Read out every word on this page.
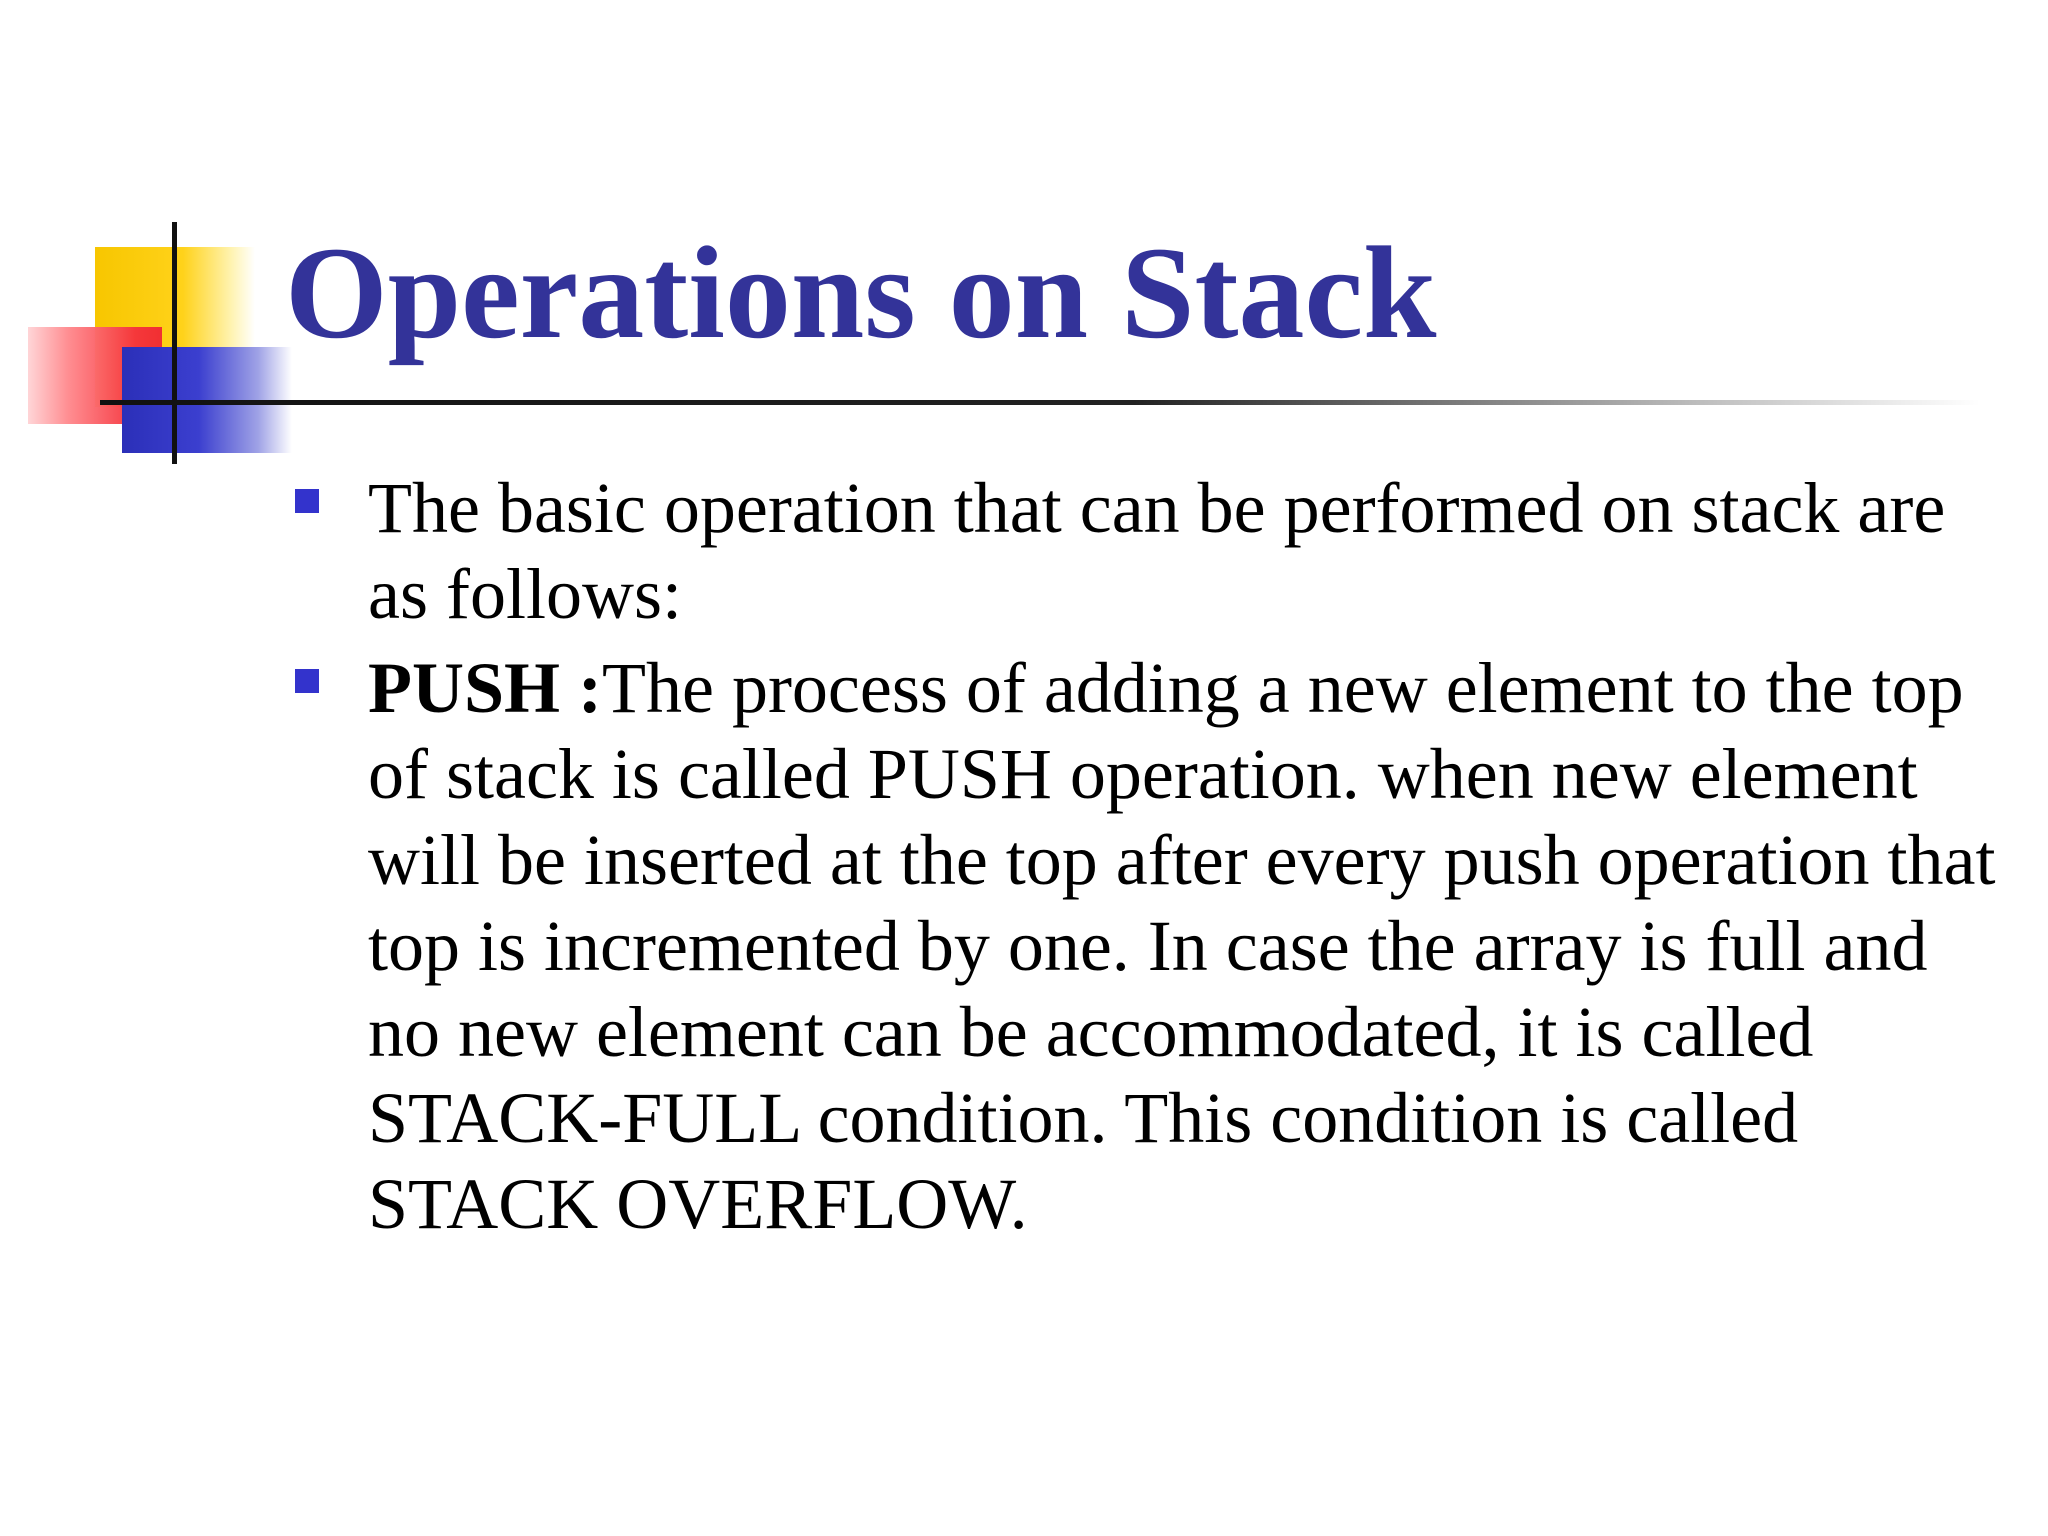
Operations on Stack
The basic operation that can be performed on stack are as follows:
PUSH :The process of adding a new element to the top of stack is called PUSH operation. when new element will be inserted at the top after every push operation that top is incremented by one. In case the array is full and no new element can be accommodated, it is called STACK-FULL condition. This condition is called STACK OVERFLOW.
